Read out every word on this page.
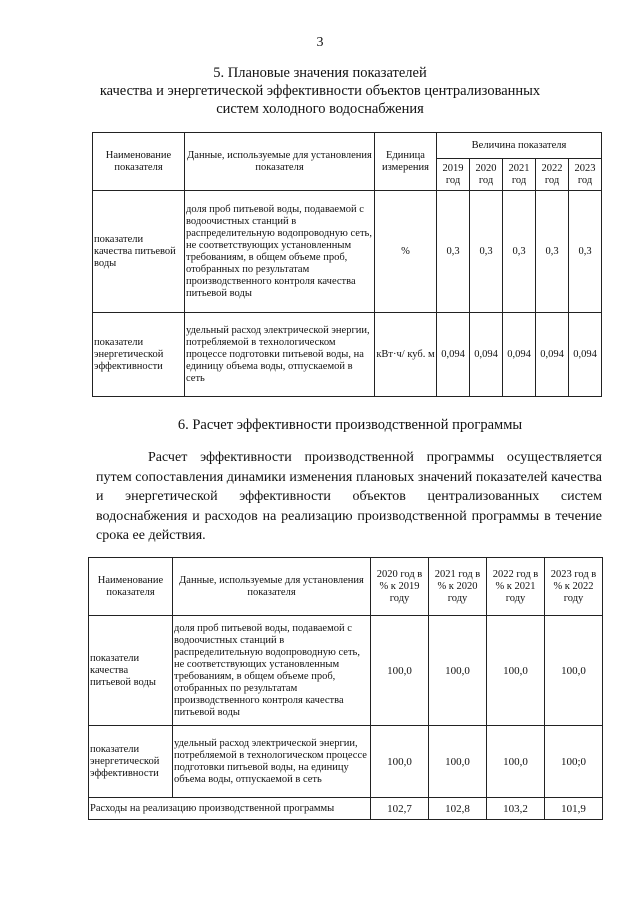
3
5. Плановые значения показателей
качества и энергетической эффективности объектов централизованных
систем холодного водоснабжения
Наименование показателя	Данные, используемые для установления показателя	Единица измерения	Величина показателя				
			2019 год	2020 год	2021 год	2022 год	2023 год
показатели качества питьевой воды	доля проб питьевой воды, подаваемой с водоочистных станций в распределительную водопроводную сеть, не соответствующих установленным требованиям, в общем объеме проб, отобранных по результатам производственного контроля качества питьевой воды	%	0,3	0,3	0,3	0,3	0,3
показатели энергетической эффективности	удельный расход электрической энергии, потребляемой в технологическом процессе подготовки питьевой воды, на единицу объема воды, отпускаемой в сеть	кВт·ч/ куб. м	0,094	0,094	0,094	0,094	0,094
6. Расчет эффективности производственной программы
Расчет эффективности производственной программы осуществляется путем сопоставления динамики изменения плановых значений показателей качества и энергетической эффективности объектов централизованных систем водоснабжения и расходов на реализацию производственной программы в течение срока ее действия.
Наименование показателя	Данные, используемые для установления показателя	2020 год в % к 2019 году	2021 год в % к 2020 году	2022 год в % к 2021 году	2023 год в % к 2022 году
показатели качества питьевой воды	доля проб питьевой воды, подаваемой с водоочистных станций в распределительную водопроводную сеть, не соответствующих установленным требованиям, в общем объеме проб, отобранных по результатам производственного контроля качества питьевой воды	100,0	100,0	100,0	100,0
показатели энергетической эффективности	удельный расход электрической энергии, потребляемой в технологическом процессе подготовки питьевой воды, на единицу объема воды, отпускаемой в сеть	100,0	100,0	100,0	100;0
Расходы на реализацию производственной программы		102,7	102,8	103,2	101,9
